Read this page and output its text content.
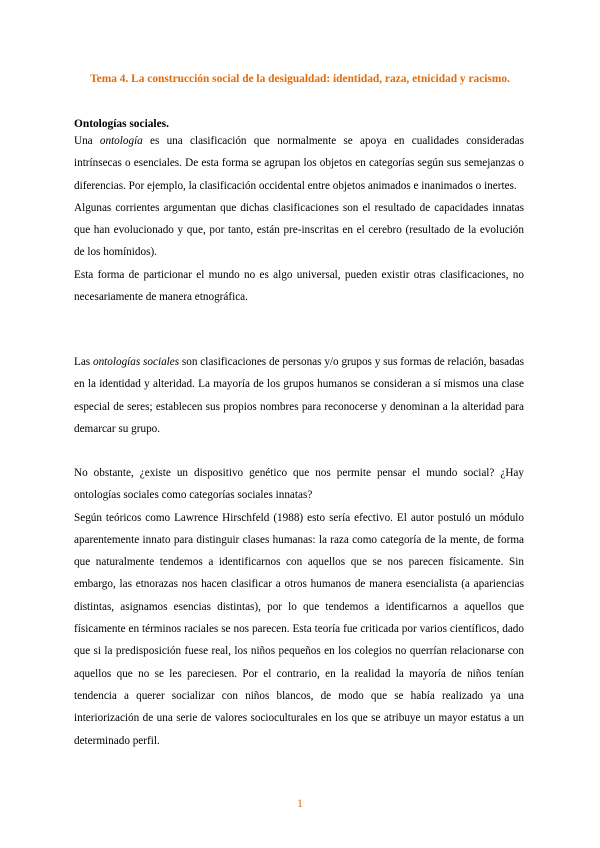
Tema 4. La construcción social de la desigualdad: identidad, raza, etnicidad y racismo.
Ontologías sociales.

Una ontología es una clasificación que normalmente se apoya en cualidades consideradas intrínsecas o esenciales. De esta forma se agrupan los objetos en categorías según sus semejanzas o diferencias. Por ejemplo, la clasificación occidental entre objetos animados e inanimados o inertes.

Algunas corrientes argumentan que dichas clasificaciones son el resultado de capacidades innatas que han evolucionado y que, por tanto, están pre-inscritas en el cerebro (resultado de la evolución de los homínidos).

Esta forma de particionar el mundo no es algo universal, pueden existir otras clasificaciones, no necesariamente de manera etnográfica.

Las ontologías sociales son clasificaciones de personas y/o grupos y sus formas de relación, basadas en la identidad y alteridad. La mayoría de los grupos humanos se consideran a sí mismos una clase especial de seres; establecen sus propios nombres para reconocerse y denominan a la alteridad para demarcar su grupo.

No obstante, ¿existe un dispositivo genético que nos permite pensar el mundo social? ¿Hay ontologías sociales como categorías sociales innatas?

Según teóricos como Lawrence Hirschfeld (1988) esto sería efectivo. El autor postuló un módulo aparentemente innato para distinguir clases humanas: la raza como categoría de la mente, de forma que naturalmente tendemos a identificarnos con aquellos que se nos parecen físicamente. Sin embargo, las etnorazas nos hacen clasificar a otros humanos de manera esencialista (a apariencias distintas, asignamos esencias distintas), por lo que tendemos a identificarnos a aquellos que físicamente en términos raciales se nos parecen. Esta teoría fue criticada por varios científicos, dado que si la predisposición fuese real, los niños pequeños en los colegios no querrían relacionarse con aquellos que no se les pareciesen. Por el contrario, en la realidad la mayoría de niños tenían tendencia a querer socializar con niños blancos, de modo que se había realizado ya una interiorización de una serie de valores socioculturales en los que se atribuye un mayor estatus a un determinado perfil.

1
